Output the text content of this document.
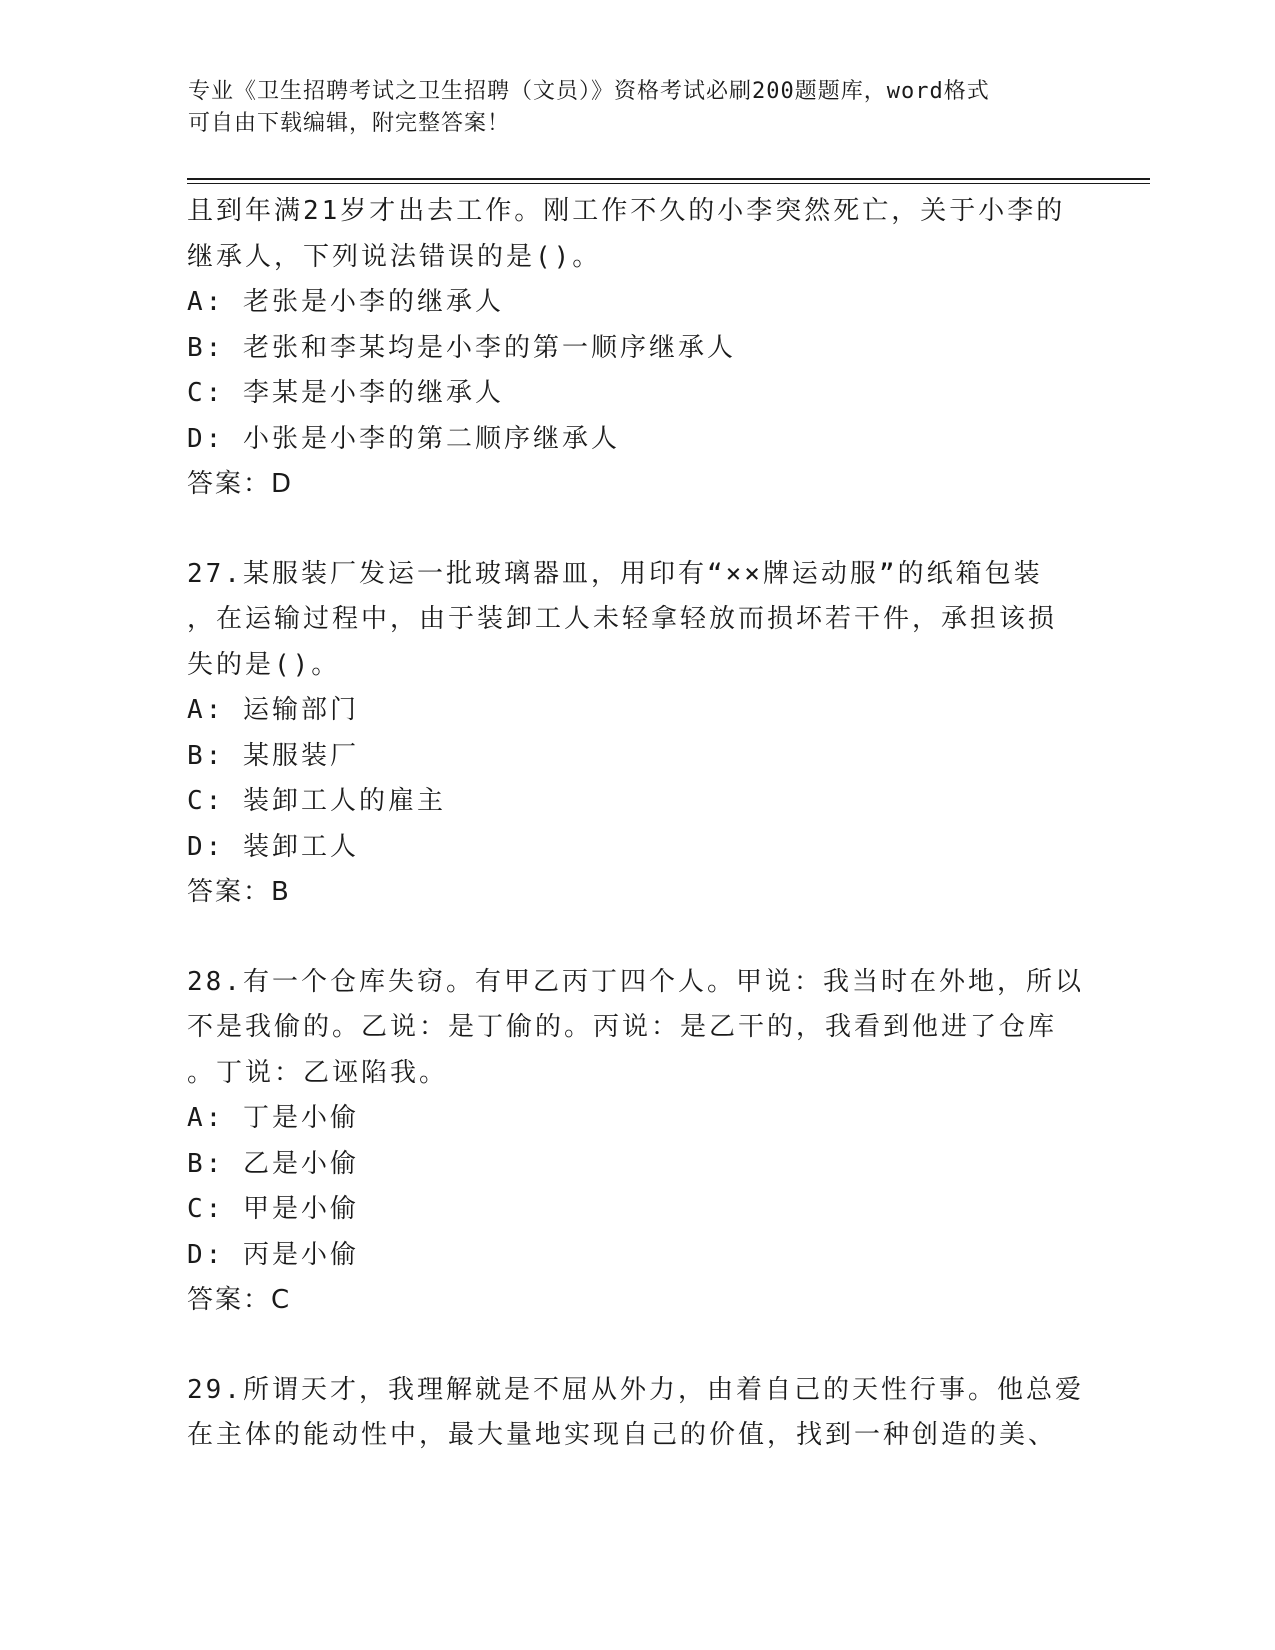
专业《卫生招聘考试之卫生招聘（文员）》资格考试必刷200题题库，word格式
可自由下载编辑，附完整答案！
且到年满21岁才出去工作。刚工作不久的小李突然死亡，关于小李的
继承人，下列说法错误的是()。
A: 老张是小李的继承人
B: 老张和李某均是小李的第一顺序继承人
C: 李某是小李的继承人
D: 小张是小李的第二顺序继承人
答案：D
27.某服装厂发运一批玻璃器皿，用印有“××牌运动服”的纸箱包装
，在运输过程中，由于装卸工人未轻拿轻放而损坏若干件，承担该损
失的是()。
A: 运输部门
B: 某服装厂
C: 装卸工人的雇主
D: 装卸工人
答案：B
28.有一个仓库失窃。有甲乙丙丁四个人。甲说：我当时在外地，所以
不是我偷的。乙说：是丁偷的。丙说：是乙干的，我看到他进了仓库
。丁说：乙诬陷我。
A: 丁是小偷
B: 乙是小偷
C: 甲是小偷
D: 丙是小偷
答案：C
29.所谓天才，我理解就是不屈从外力，由着自己的天性行事。他总爱
在主体的能动性中，最大量地实现自己的价值，找到一种创造的美、
